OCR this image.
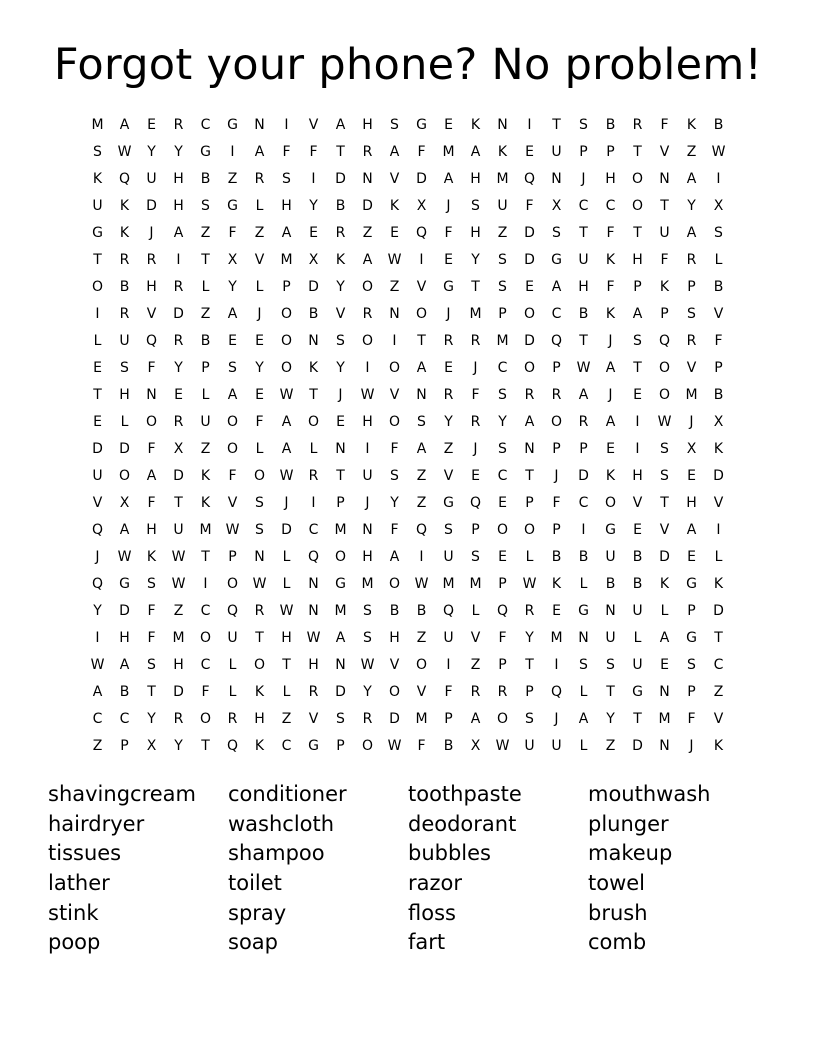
Forgot your phone? No problem!
M	A	E	R	C	G	N	I	V	A	H	S	G	E	K	N	I	T	S	B	R	F	K	B
S	W	Y	Y	G	I	A	F	F	T	R	A	F	M	A	K	E	U	P	P	T	V	Z	W
K	Q	U	H	B	Z	R	S	I	D	N	V	D	A	H	M	Q	N	J	H	O	N	A	I
U	K	D	H	S	G	L	H	Y	B	D	K	X	J	S	U	F	X	C	C	O	T	Y	X
G	K	J	A	Z	F	Z	A	E	R	Z	E	Q	F	H	Z	D	S	T	F	T	U	A	S
T	R	R	I	T	X	V	M	X	K	A	W	I	E	Y	S	D	G	U	K	H	F	R	L
O	B	H	R	L	Y	L	P	D	Y	O	Z	V	G	T	S	E	A	H	F	P	K	P	B
I	R	V	D	Z	A	J	O	B	V	R	N	O	J	M	P	O	C	B	K	A	P	S	V
L	U	Q	R	B	E	E	O	N	S	O	I	T	R	R	M	D	Q	T	J	S	Q	R	F
E	S	F	Y	P	S	Y	O	K	Y	I	O	A	E	J	C	O	P	W	A	T	O	V	P
T	H	N	E	L	A	E	W	T	J	W	V	N	R	F	S	R	R	A	J	E	O	M	B
E	L	O	R	U	O	F	A	O	E	H	O	S	Y	R	Y	A	O	R	A	I	W	J	X
D	D	F	X	Z	O	L	A	L	N	I	F	A	Z	J	S	N	P	P	E	I	S	X	K
U	O	A	D	K	F	O	W	R	T	U	S	Z	V	E	C	T	J	D	K	H	S	E	D
V	X	F	T	K	V	S	J	I	P	J	Y	Z	G	Q	E	P	F	C	O	V	T	H	V
Q	A	H	U	M	W	S	D	C	M	N	F	Q	S	P	O	O	P	I	G	E	V	A	I
J	W	K	W	T	P	N	L	Q	O	H	A	I	U	S	E	L	B	B	U	B	D	E	L
Q	G	S	W	I	O	W	L	N	G	M	O	W	M	M	P	W	K	L	B	B	K	G	K
Y	D	F	Z	C	Q	R	W	N	M	S	B	B	Q	L	Q	R	E	G	N	U	L	P	D
I	H	F	M	O	U	T	H	W	A	S	H	Z	U	V	F	Y	M	N	U	L	A	G	T
W	A	S	H	C	L	O	T	H	N	W	V	O	I	Z	P	T	I	S	S	U	E	S	C
A	B	T	D	F	L	K	L	R	D	Y	O	V	F	R	R	P	Q	L	T	G	N	P	Z
C	C	Y	R	O	R	H	Z	V	S	R	D	M	P	A	O	S	J	A	Y	T	M	F	V
Z	P	X	Y	T	Q	K	C	G	P	O	W	F	B	X	W	U	U	L	Z	D	N	J	K
shavingcream
hairdryer
tissues
lather
stink
poop
conditioner
washcloth
shampoo
toilet
spray
soap
toothpaste
deodorant
bubbles
razor
floss
fart
mouthwash
plunger
makeup
towel
brush
comb
